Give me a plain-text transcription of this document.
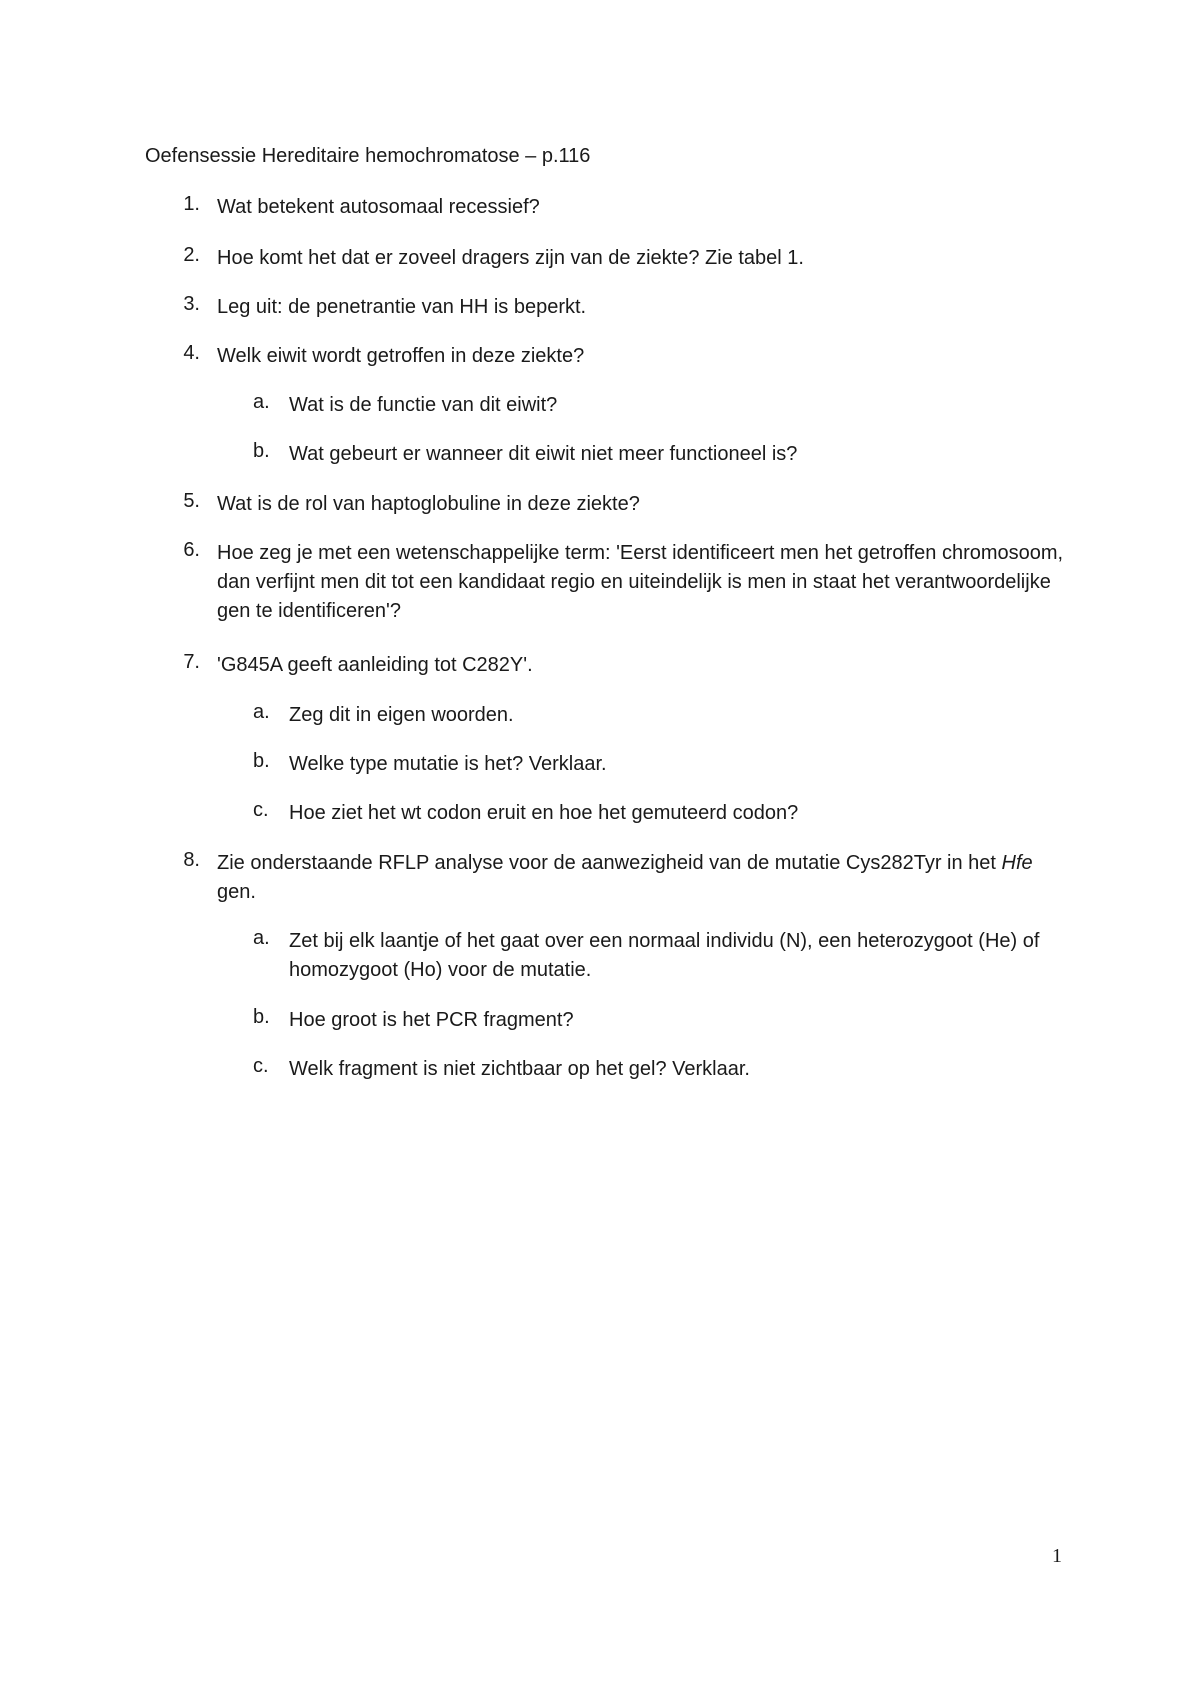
Oefensessie Hereditaire hemochromatose – p.116
1. Wat betekent autosomaal recessief?
2. Hoe komt het dat er zoveel dragers zijn van de ziekte? Zie tabel 1.
3. Leg uit: de penetrantie van HH is beperkt.
4. Welk eiwit wordt getroffen in deze ziekte?
a. Wat is de functie van dit eiwit?
b. Wat gebeurt er wanneer dit eiwit niet meer functioneel is?
5. Wat is de rol van haptoglobuline in deze ziekte?
6. Hoe zeg je met een wetenschappelijke term: 'Eerst identificeert men het getroffen chromosoom, dan verfijnt men dit tot een kandidaat regio en uiteindelijk is men in staat het verantwoordelijke gen te identificeren'?
7. 'G845A geeft aanleiding tot C282Y'.
a. Zeg dit in eigen woorden.
b. Welke type mutatie is het? Verklaar.
c. Hoe ziet het wt codon eruit en hoe het gemuteerd codon?
8. Zie onderstaande RFLP analyse voor de aanwezigheid van de mutatie Cys282Tyr in het Hfe gen.
a. Zet bij elk laantje of het gaat over een normaal individu (N), een heterozygoot (He) of homozygoot (Ho) voor de mutatie.
b. Hoe groot is het PCR fragment?
c. Welk fragment is niet zichtbaar op het gel? Verklaar.
1
